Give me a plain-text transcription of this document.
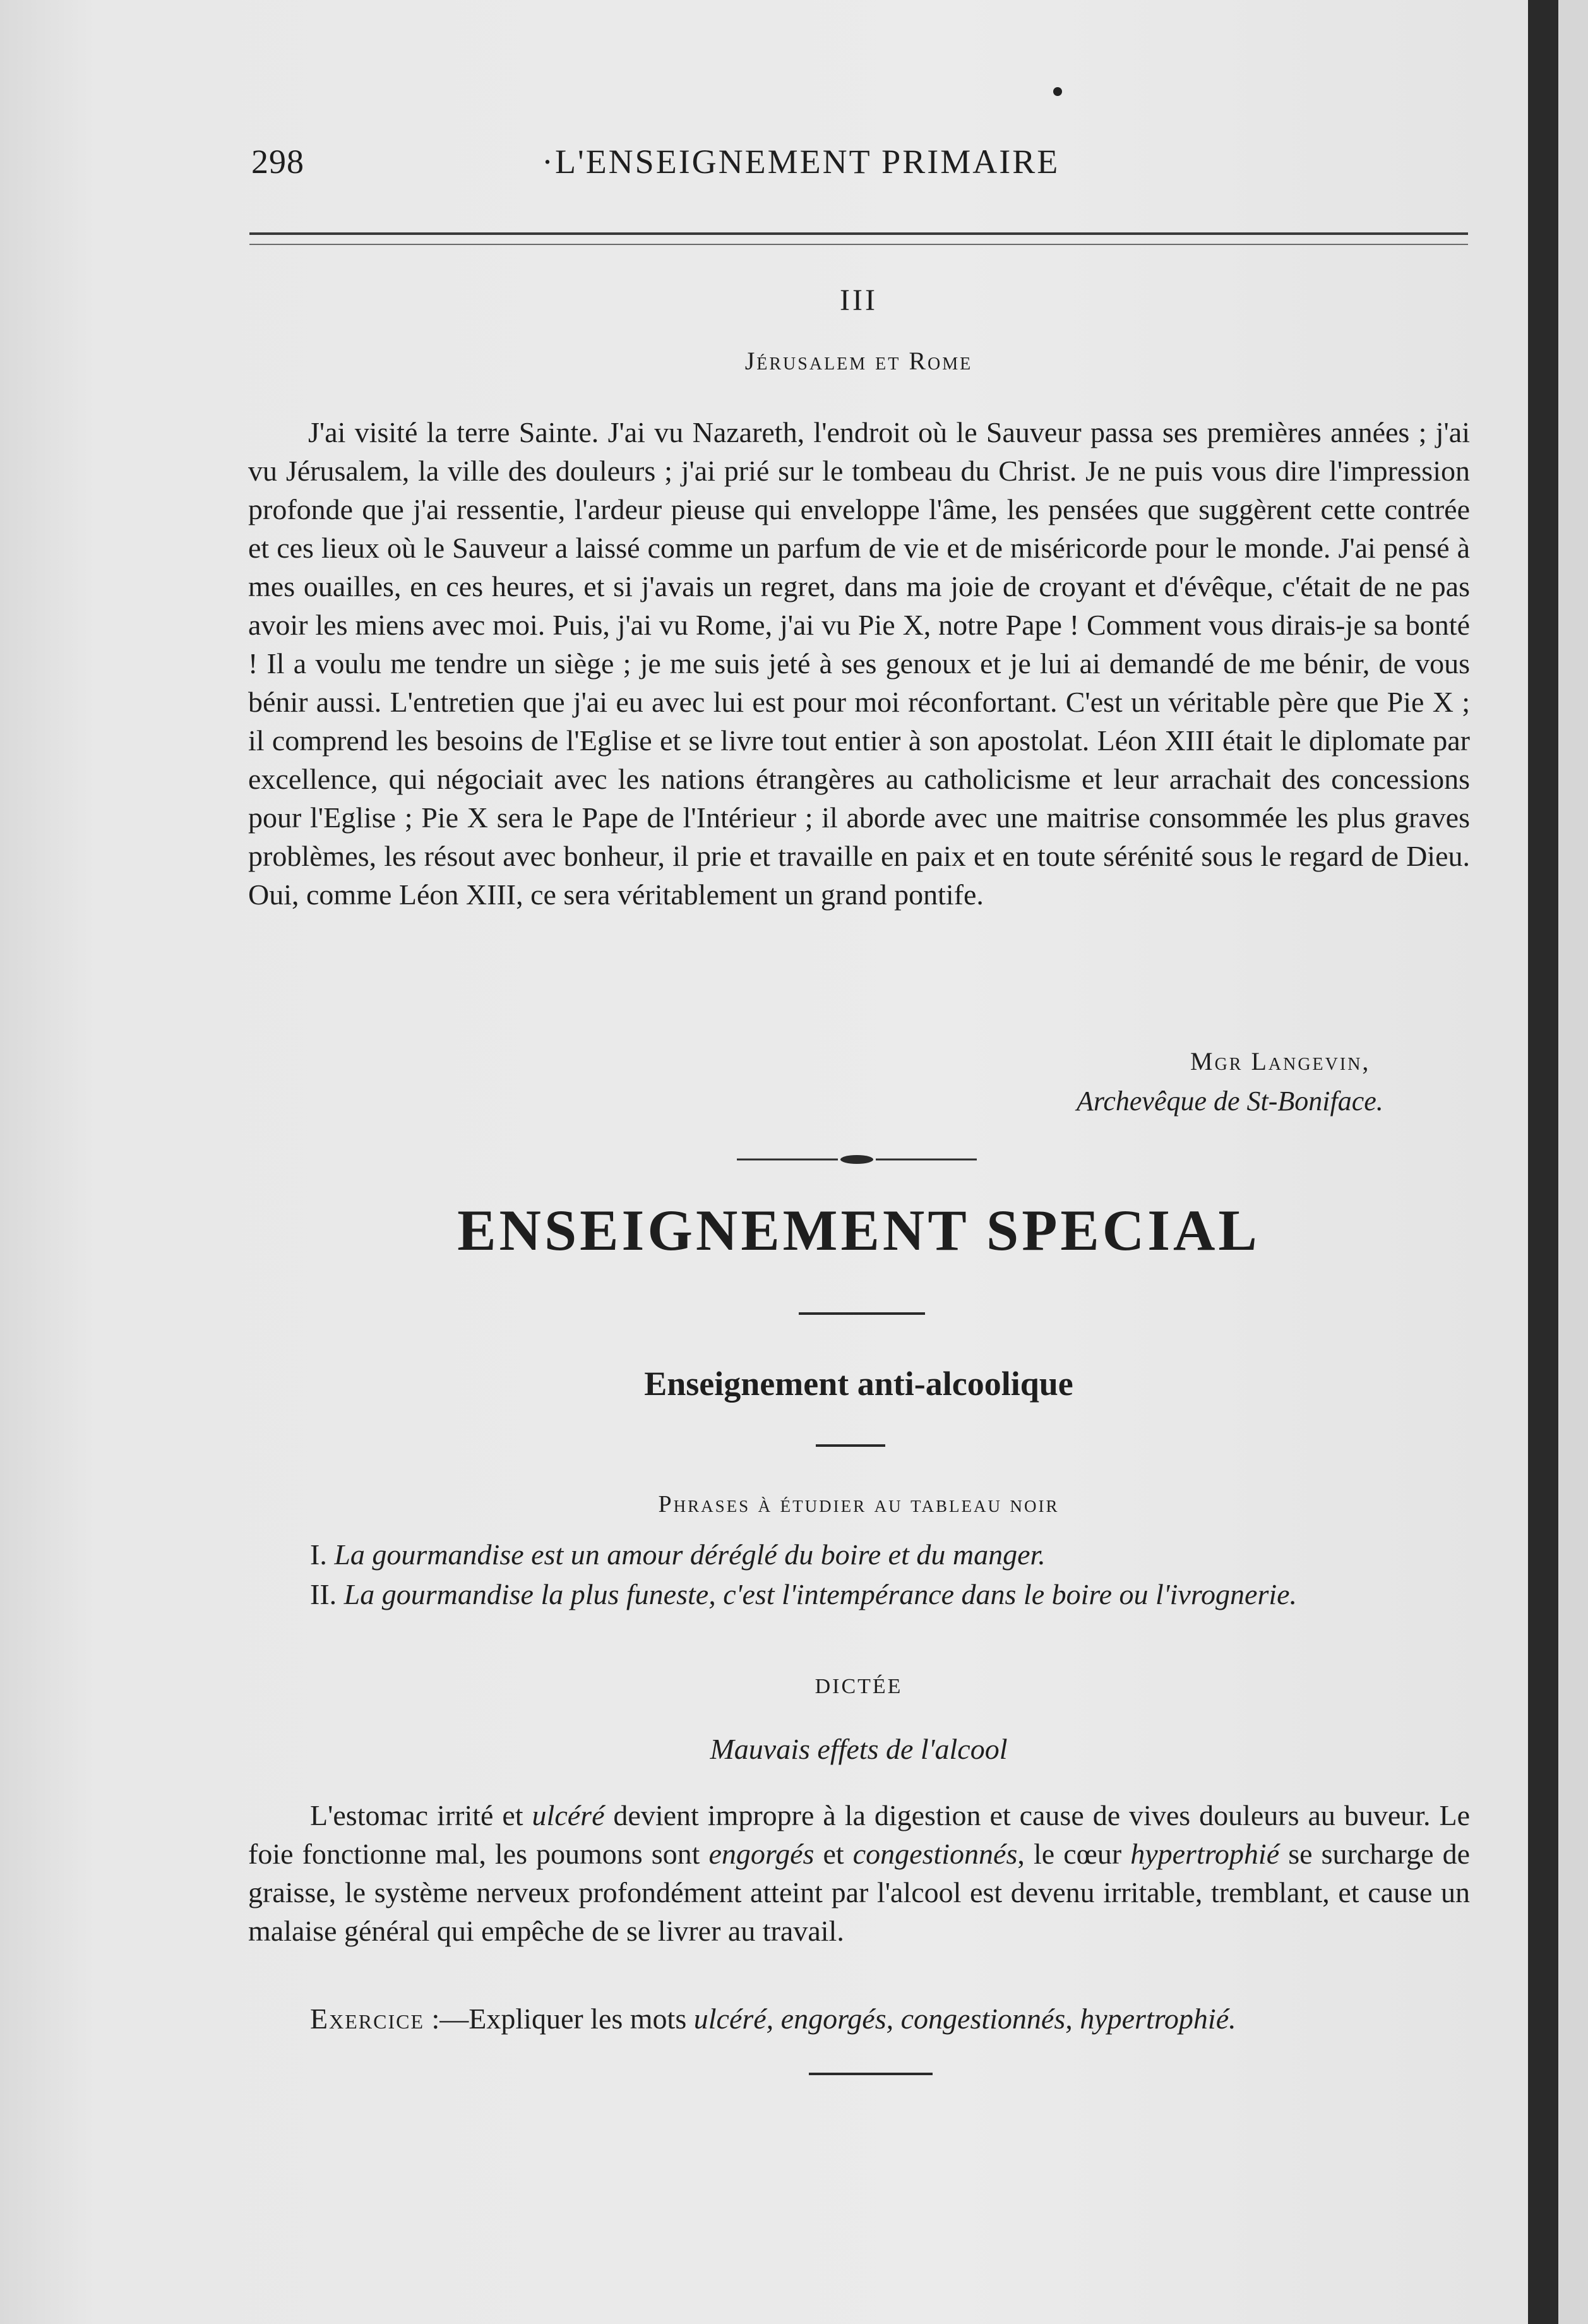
298	·L'ENSEIGNEMENT PRIMAIRE
III
Jérusalem et Rome
J'ai visité la terre Sainte. J'ai vu Nazareth, l'endroit où le Sauveur passa ses premières années ; j'ai vu Jérusalem, la ville des douleurs ; j'ai prié sur le tombeau du Christ. Je ne puis vous dire l'impression profonde que j'ai ressentie, l'ardeur pieuse qui enveloppe l'âme, les pensées que suggèrent cette contrée et ces lieux où le Sauveur a laissé comme un parfum de vie et de miséricorde pour le monde. J'ai pensé à mes ouailles, en ces heures, et si j'avais un regret, dans ma joie de croyant et d'évêque, c'était de ne pas avoir les miens avec moi. Puis, j'ai vu Rome, j'ai vu Pie X, notre Pape ! Comment vous dirais-je sa bonté ! Il a voulu me tendre un siège ; je me suis jeté à ses genoux et je lui ai demandé de me bénir, de vous bénir aussi. L'entretien que j'ai eu avec lui est pour moi réconfortant. C'est un véritable père que Pie X ; il comprend les besoins de l'Eglise et se livre tout entier à son apostolat. Léon XIII était le diplomate par excellence, qui négociait avec les nations étrangères au catholicisme et leur arrachait des concessions pour l'Eglise ; Pie X sera le Pape de l'Intérieur ; il aborde avec une maitrise consommée les plus graves problèmes, les résout avec bonheur, il prie et travaille en paix et en toute sérénité sous le regard de Dieu. Oui, comme Léon XIII, ce sera véritablement un grand pontife.
Mgr Langevin,
Archevêque de St-Boniface.
ENSEIGNEMENT SPECIAL
Enseignement anti-alcoolique
Phrases à étudier au tableau noir
I. La gourmandise est un amour déréglé du boire et du manger.
II. La gourmandise la plus funeste, c'est l'intempérance dans le boire ou l'ivrognerie.
DICTÉE
Mauvais effets de l'alcool
L'estomac irrité et ulcéré devient impropre à la digestion et cause de vives douleurs au buveur. Le foie fonctionne mal, les poumons sont engorgés et congestionnés, le cœur hypertrophié se surcharge de graisse, le système nerveux profondément atteint par l'alcool est devenu irritable, tremblant, et cause un malaise général qui empêche de se livrer au travail.
Exercice :—Expliquer les mots ulcéré, engorgés, congestionnés, hypertrophié.
